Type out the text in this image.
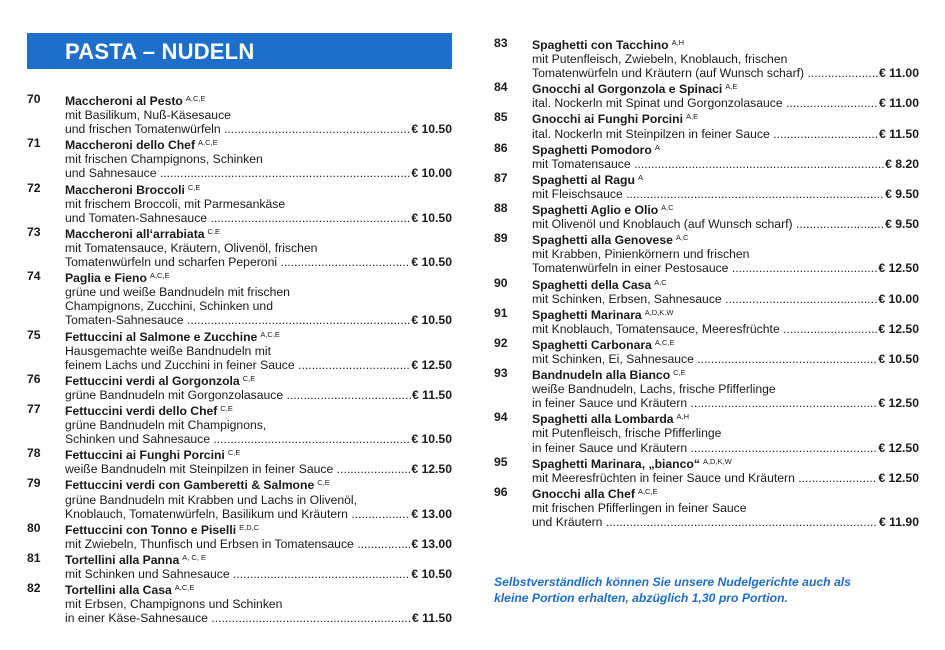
PASTA – NUDELN
70	Maccheroni al Pesto $^{A,C,E}$
mit Basilikum, Nuß-Käsesauce
und frischen Tomatenwürfeln .....	€ 10.50
71	Maccheroni dello Chef $^{A,C,E}$
mit frischen Champignons, Schinken
und Sahnesauce .....	€ 10.00
72	Maccheroni Broccoli $^{C,E}$
mit frischem Broccoli, mit Parmesankäse
und Tomaten-Sahnesauce .....	€ 10.50
73	Maccheroni all‘arrabiata $^{C,E}$
mit Tomatensauce, Kräutern, Olivenöl, frischen
Tomatenwürfeln und scharfen Peperoni .....	€ 10.50
74	Paglia e Fieno $^{A,C,E}$
grüne und weiße Bandnudeln mit frischen
Champignons, Zucchini, Schinken und
Tomaten-Sahnesauce .....	€ 10.50
75	Fettuccini al Salmone e Zucchine $^{A,C,E}$
Hausgemachte weiße Bandnudeln mit
feinem Lachs und Zucchini in feiner Sauce .....	€ 12.50
76	Fettuccini verdi al Gorgonzola $^{C,E}$
grüne Bandnudeln mit Gorgonzolasauce .....	€ 11.50
77	Fettuccini verdi dello Chef $^{C,E}$
grüne Bandnudeln mit Champignons,
Schinken und Sahnesauce .....	€ 10.50
78	Fettuccini ai Funghi Porcini $^{C,E}$
weiße Bandnudeln mit Steinpilzen in feiner Sauce .....	€ 12.50
79	Fettuccini verdi con Gamberetti & Salmone $^{C,E}$
grüne Bandnudeln mit Krabben und Lachs in Olivenöl,
Knoblauch, Tomatenwürfeln, Basilikum und Kräutern .....	€ 13.00
80	Fettuccini con Tonno e Piselli $^{E,D,C}$
mit Zwiebeln, Thunfisch und Erbsen in Tomatensauce .....	€ 13.00
81	Tortellini alla Panna $^{A, C, E}$
mit Schinken und Sahnesauce .....	€ 10.50
82	Tortellini alla Casa $^{A,C,E}$
mit Erbsen, Champignons und Schinken
in einer Käse-Sahnesauce .....	€ 11.50
83	Spaghetti con Tacchino $^{A,H}$
mit Putenfleisch, Zwiebeln, Knoblauch, frischen
Tomatenwürfeln und Kräutern (auf Wunsch scharf) .....	€ 11.00
84	Gnocchi al Gorgonzola e Spinaci $^{A,E}$
ital. Nockerln mit Spinat und Gorgonzolasauce .....	€ 11.00
85	Gnocchi ai Funghi Porcini $^{A,E}$
ital. Nockerln mit Steinpilzen in feiner Sauce .....	€ 11.50
86	Spaghetti Pomodoro $^A$
mit Tomatensauce .....	€ 8.20
87	Spaghetti al Ragu $^A$
mit Fleischsauce .....	€ 9.50
88	Spaghetti Aglio e Olio $^{A,C}$
mit Olivenöl und Knoblauch (auf Wunsch scharf) .....	€ 9.50
89	Spaghetti alla Genovese $^{A,C}$
mit Krabben, Pinienkörnern und frischen
Tomatenwürfeln in einer Pestosauce .....	€ 12.50
90	Spaghetti della Casa $^{A,C}$
mit Schinken, Erbsen, Sahnesauce .....	€ 10.00
91	Spaghetti Marinara $^{A,D,K,W}$
mit Knoblauch, Tomatensauce, Meeresfrüchte .....	€ 12.50
92	Spaghetti Carbonara $^{A,C,E}$
mit Schinken, Ei, Sahnesauce .....	€ 10.50
93	Bandnudeln alla Bianco $^{C,E}$
weiße Bandnudeln, Lachs, frische Pfifferlinge
in feiner Sauce und Kräutern .....	€ 12.50
94	Spaghetti alla Lombarda $^{A,H}$
mit Putenfleisch, frische Pfifferlinge
in feiner Sauce und Kräutern .....	€ 12.50
95	Spaghetti Marinara, „bianco“ $^{A,D,K,W}$
mit Meeresfrüchten in feiner Sauce und Kräutern .....	€ 12.50
96	Gnocchi alla Chef $^{A,C,E}$
mit frischen Pfifferlingen in feiner Sauce
und Kräutern .....	€ 11.90
Selbstverständlich können Sie unsere Nudelgerichte auch als
kleine Portion erhalten, abzüglich 1,30 pro Portion.
